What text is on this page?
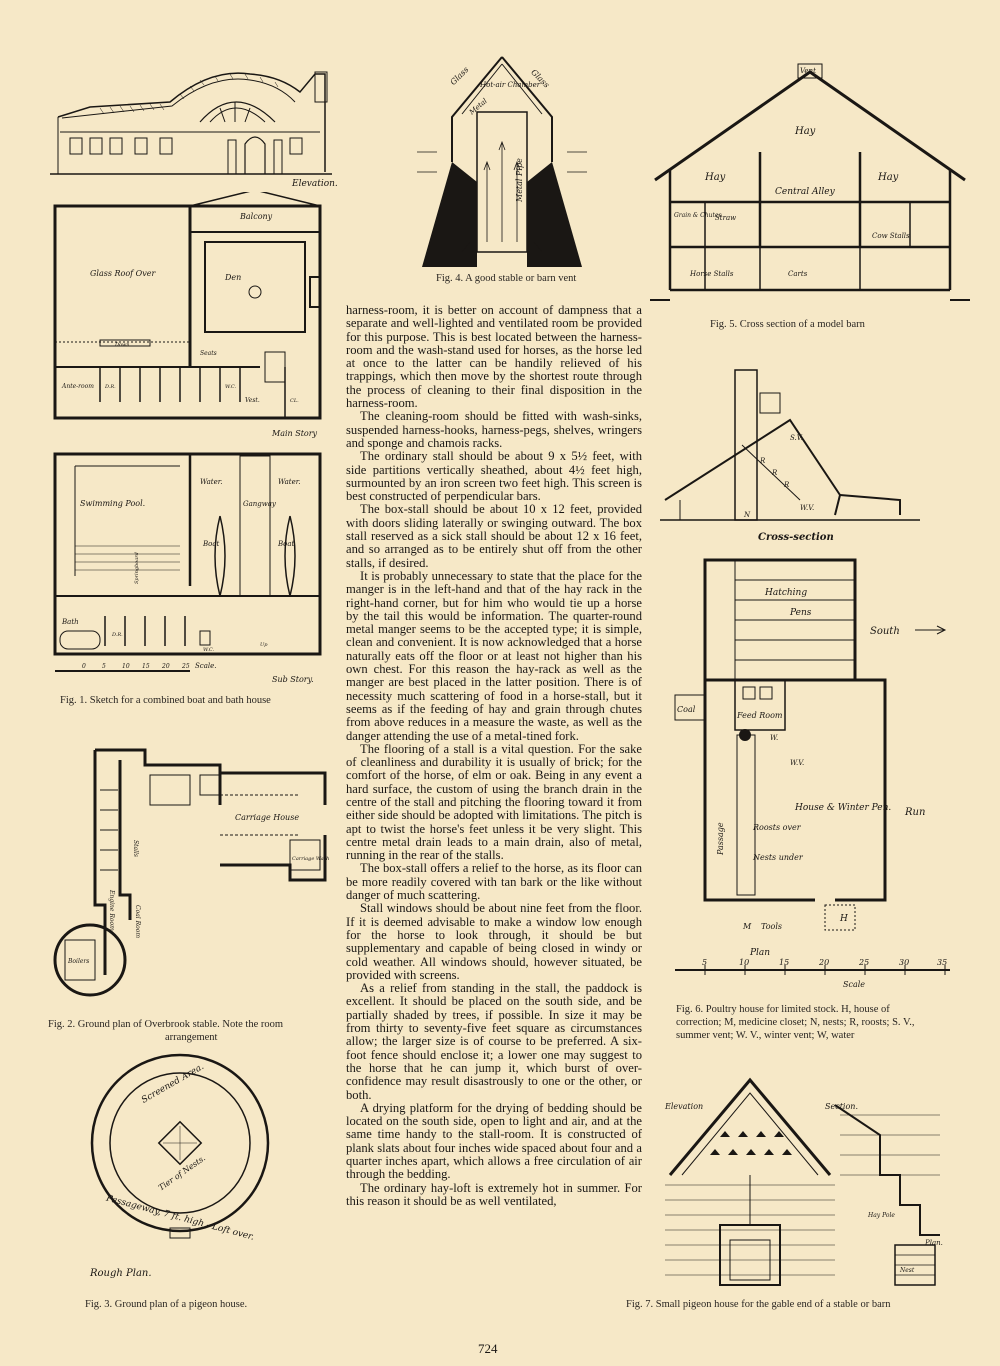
Elevation.
Glass Roof Over
Balcony
Den
Seats
Down
Ante-room D.R.	W.C.
Vest.	CL.
Main Story
Swimming Pool.
Water.	Water.
Gangway
Boat	Boat
Bath
D.R.
W.C.
Up
Springboard
0	5	10 15 20 25 Scale.
Sub Story.
Fig. 1. Sketch for a combined boat and bath house
Carriage House
Stalls
Coal Room
Engine Room
Boilers
Carriage Wash
Fig. 2. Ground plan of Overbrook stable. Note the room
arrangement
Screened Area.
Tier of Nests.
Passageway, 7 ft. high - Loft over.
Rough Plan.
Fig. 3. Ground plan of a pigeon house.
Glass	Glass
Hot-air Chamber
Metal
Metal Pipe
Fig. 4. A good stable or barn vent
Vent
Hay
Hay	Hay
Central Alley
Grain & Chutes
Straw
Cow Stalls
Horse Stalls	Carts
Fig. 5. Cross section of a model barn
S.V.
W.V.
R
R
R
N
Cross-section
Hatching
Pens
South
Coal
Feed Room
W.
W.V.
Passage
House & Winter Pen. Run
Roosts over
Nests under
H
M Tools
Plan
5	10	15	20	25	30	35
Scale
Fig. 6. Poultry house for limited stock. H, house of
correction; M, medicine closet; N, nests; R, roosts; S. V.,
summer vent; W. V., winter vent; W, water
Elevation	Section.
Hay Pole
Plan.
Nest
Fig. 7. Small pigeon house for the gable end of a stable or barn

harness-room, it is better on account of dampness that a separate and well-lighted and ventilated room be provided for this purpose. This is best located between the harness-room and the wash-stand used for horses, as the horse led at once to the latter can be handily relieved of his trappings, which then move by the shortest route through the process of cleaning to their final disposition in the harness-room.

The cleaning-room should be fitted with wash-sinks, suspended harness-hooks, harness-pegs, shelves, wringers and sponge and chamois racks.

The ordinary stall should be about 9 x 5½ feet, with side partitions vertically sheathed, about 4½ feet high, surmounted by an iron screen two feet high. This screen is best constructed of perpendicular bars.

The box-stall should be about 10 x 12 feet, provided with doors sliding laterally or swinging outward. The box stall reserved as a sick stall should be about 12 x 16 feet, and so arranged as to be entirely shut off from the other stalls, if desired.

It is probably unnecessary to state that the place for the manger is in the left-hand and that of the hay rack in the right-hand corner, but for him who would tie up a horse by the tail this would be information. The quarter-round metal manger seems to be the accepted type; it is simple, clean and convenient. It is now acknowledged that a horse naturally eats off the floor or at least not higher than his own chest. For this reason the hay-rack as well as the manger are best placed in the latter position. There is of necessity much scattering of food in a horse-stall, but it seems as if the feeding of hay and grain through chutes from above reduces in a measure the waste, as well as the danger attending the use of a metal-tined fork.

The flooring of a stall is a vital question. For the sake of cleanliness and durability it is usually of brick; for the comfort of the horse, of elm or oak. Being in any event a hard surface, the custom of using the branch drain in the centre of the stall and pitching the flooring toward it from either side should be adopted with limitations. The pitch is apt to twist the horse's feet unless it be very slight. This centre metal drain leads to a main drain, also of metal, running in the rear of the stalls.

The box-stall offers a relief to the horse, as its floor can be more readily covered with tan bark or the like without danger of much scattering.

Stall windows should be about nine feet from the floor. If it is deemed advisable to make a window low enough for the horse to look through, it should be but supplementary and capable of being closed in windy or cold weather. All windows should, however situated, be provided with screens.

As a relief from standing in the stall, the paddock is excellent. It should be placed on the south side, and be partially shaded by trees, if possible. In size it may be from thirty to seventy-five feet square as circumstances allow; the larger size is of course to be preferred. A six-foot fence should enclose it; a lower one may suggest to the horse that he can jump it, which burst of over-confidence may result disastrously to one or the other, or both.

A drying platform for the drying of bedding should be located on the south side, open to light and air, and at the same time handy to the stall-room. It is constructed of plank slats about four inches wide spaced about four and a quarter inches apart, which allows a free circulation of air through the bedding.

The ordinary hay-loft is extremely hot in summer. For this reason it should be as well ventilated,

724
